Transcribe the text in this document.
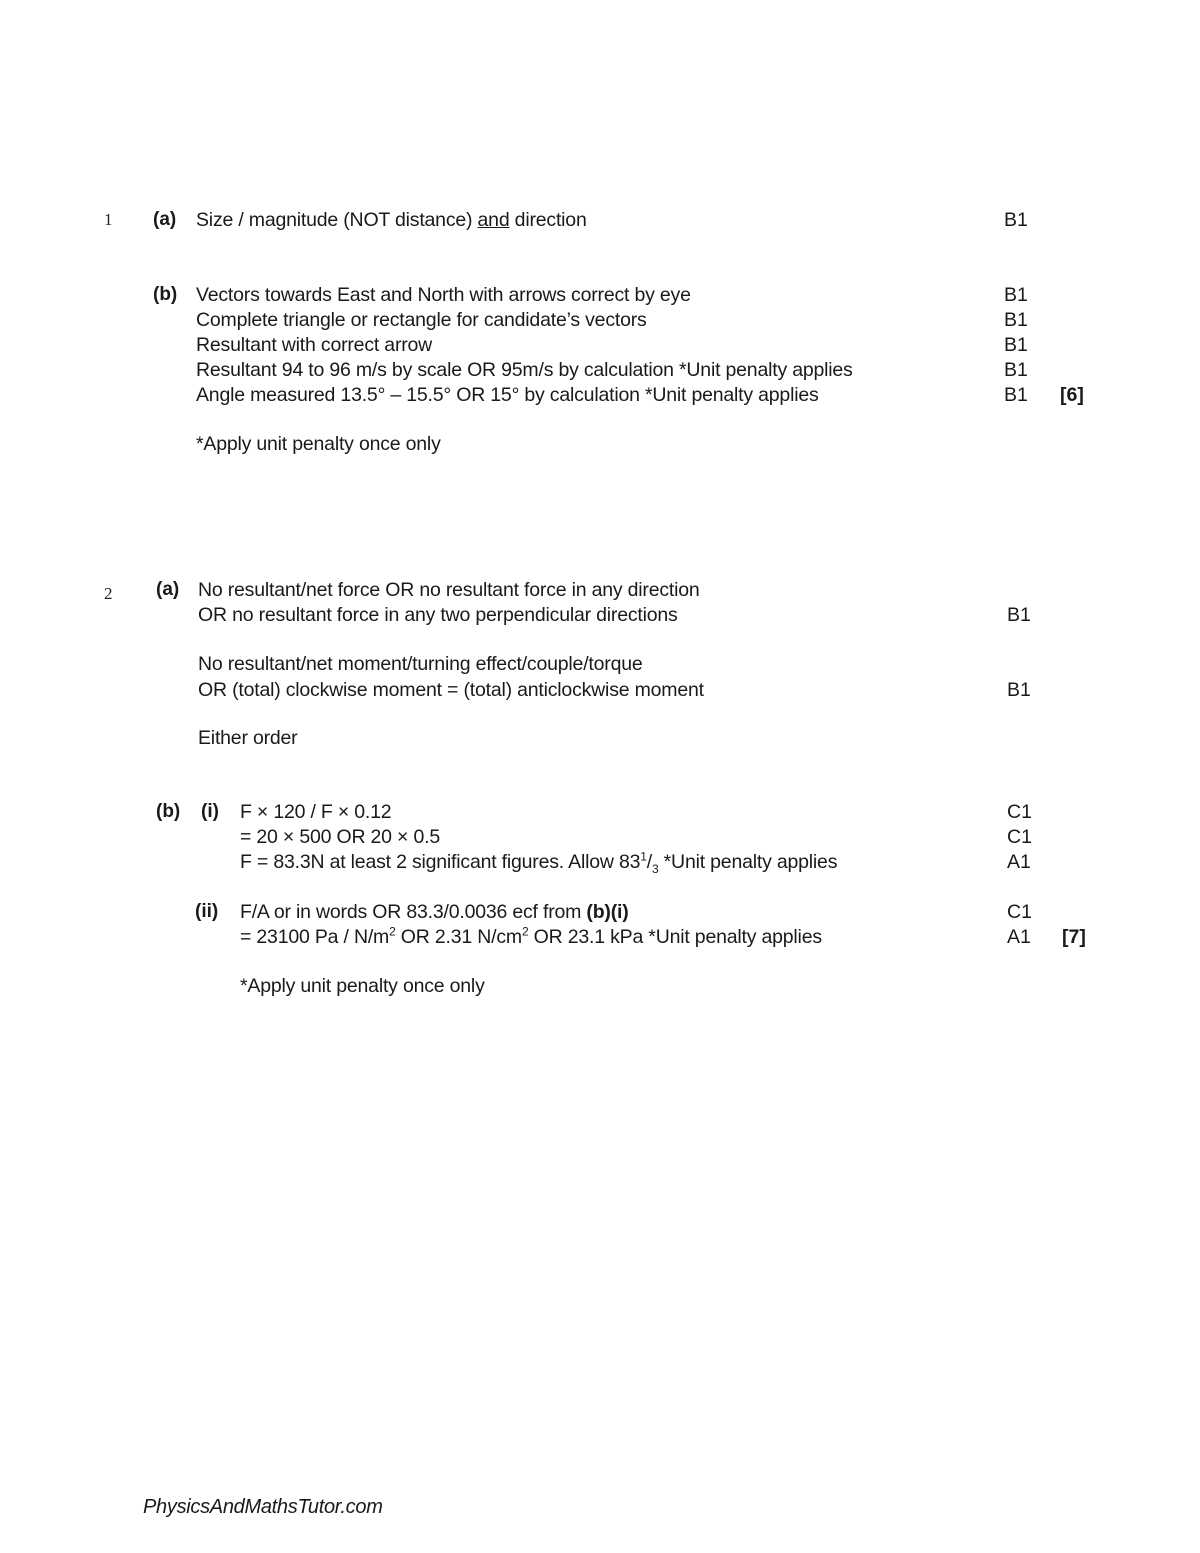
1 (a) Size / magnitude (NOT distance) and direction	B1
(b) Vectors towards East and North with arrows correct by eye	B1
Complete triangle or rectangle for candidate’s vectors	B1
Resultant with correct arrow	B1
Resultant 94 to 96 m/s by scale OR 95m/s by calculation *Unit penalty applies	B1
Angle measured 13.5° – 15.5° OR 15° by calculation *Unit penalty applies	B1 [6]
*Apply unit penalty once only
2 (a) No resultant/net force OR no resultant force in any direction
OR no resultant force in any two perpendicular directions	B1
No resultant/net moment/turning effect/couple/torque
OR (total) clockwise moment = (total) anticlockwise moment	B1
Either order
(b) (i) F × 120 / F × 0.12	C1
= 20 × 500 OR 20 × 0.5	C1
F = 83.3N at least 2 significant figures. Allow $83^1/_3$ *Unit penalty applies	A1
(ii) F/A or in words OR 83.3/0.0036 ecf from (b)(i)	C1
= 23100 Pa / $N/m^2$ OR 2.31 $N/cm^2$ OR 23.1 kPa *Unit penalty applies	A1 [7]
*Apply unit penalty once only
PhysicsAndMathsTutor.com
